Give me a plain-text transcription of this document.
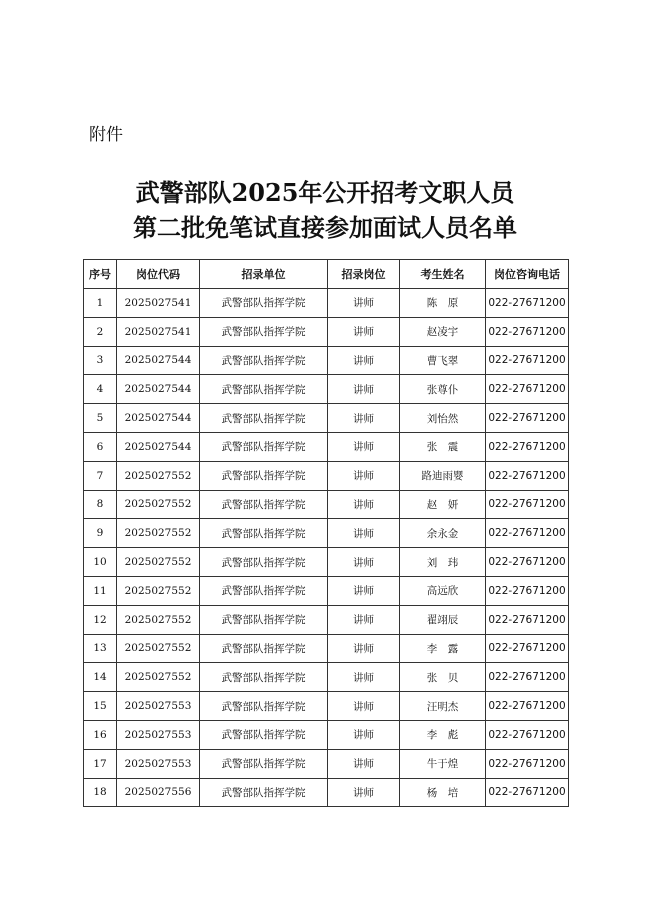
附件
武警部队2025年公开招考文职人员
第二批免笔试直接参加面试人员名单
序号	岗位代码	招录单位	招录岗位	考生姓名	岗位咨询电话
1	2025027541	武警部队指挥学院	讲师	陈　原	022-27671200
2	2025027541	武警部队指挥学院	讲师	赵凌宇	022-27671200
3	2025027544	武警部队指挥学院	讲师	曹飞翠	022-27671200
4	2025027544	武警部队指挥学院	讲师	张尊仆	022-27671200
5	2025027544	武警部队指挥学院	讲师	刘怡然	022-27671200
6	2025027544	武警部队指挥学院	讲师	张　震	022-27671200
7	2025027552	武警部队指挥学院	讲师	路迪雨婴	022-27671200
8	2025027552	武警部队指挥学院	讲师	赵　妍	022-27671200
9	2025027552	武警部队指挥学院	讲师	余永金	022-27671200
10	2025027552	武警部队指挥学院	讲师	刘　玮	022-27671200
11	2025027552	武警部队指挥学院	讲师	高远欣	022-27671200
12	2025027552	武警部队指挥学院	讲师	翟翊辰	022-27671200
13	2025027552	武警部队指挥学院	讲师	李　露	022-27671200
14	2025027552	武警部队指挥学院	讲师	张　贝	022-27671200
15	2025027553	武警部队指挥学院	讲师	汪明杰	022-27671200
16	2025027553	武警部队指挥学院	讲师	李　彪	022-27671200
17	2025027553	武警部队指挥学院	讲师	牛于煌	022-27671200
18	2025027556	武警部队指挥学院	讲师	杨　培	022-27671200
